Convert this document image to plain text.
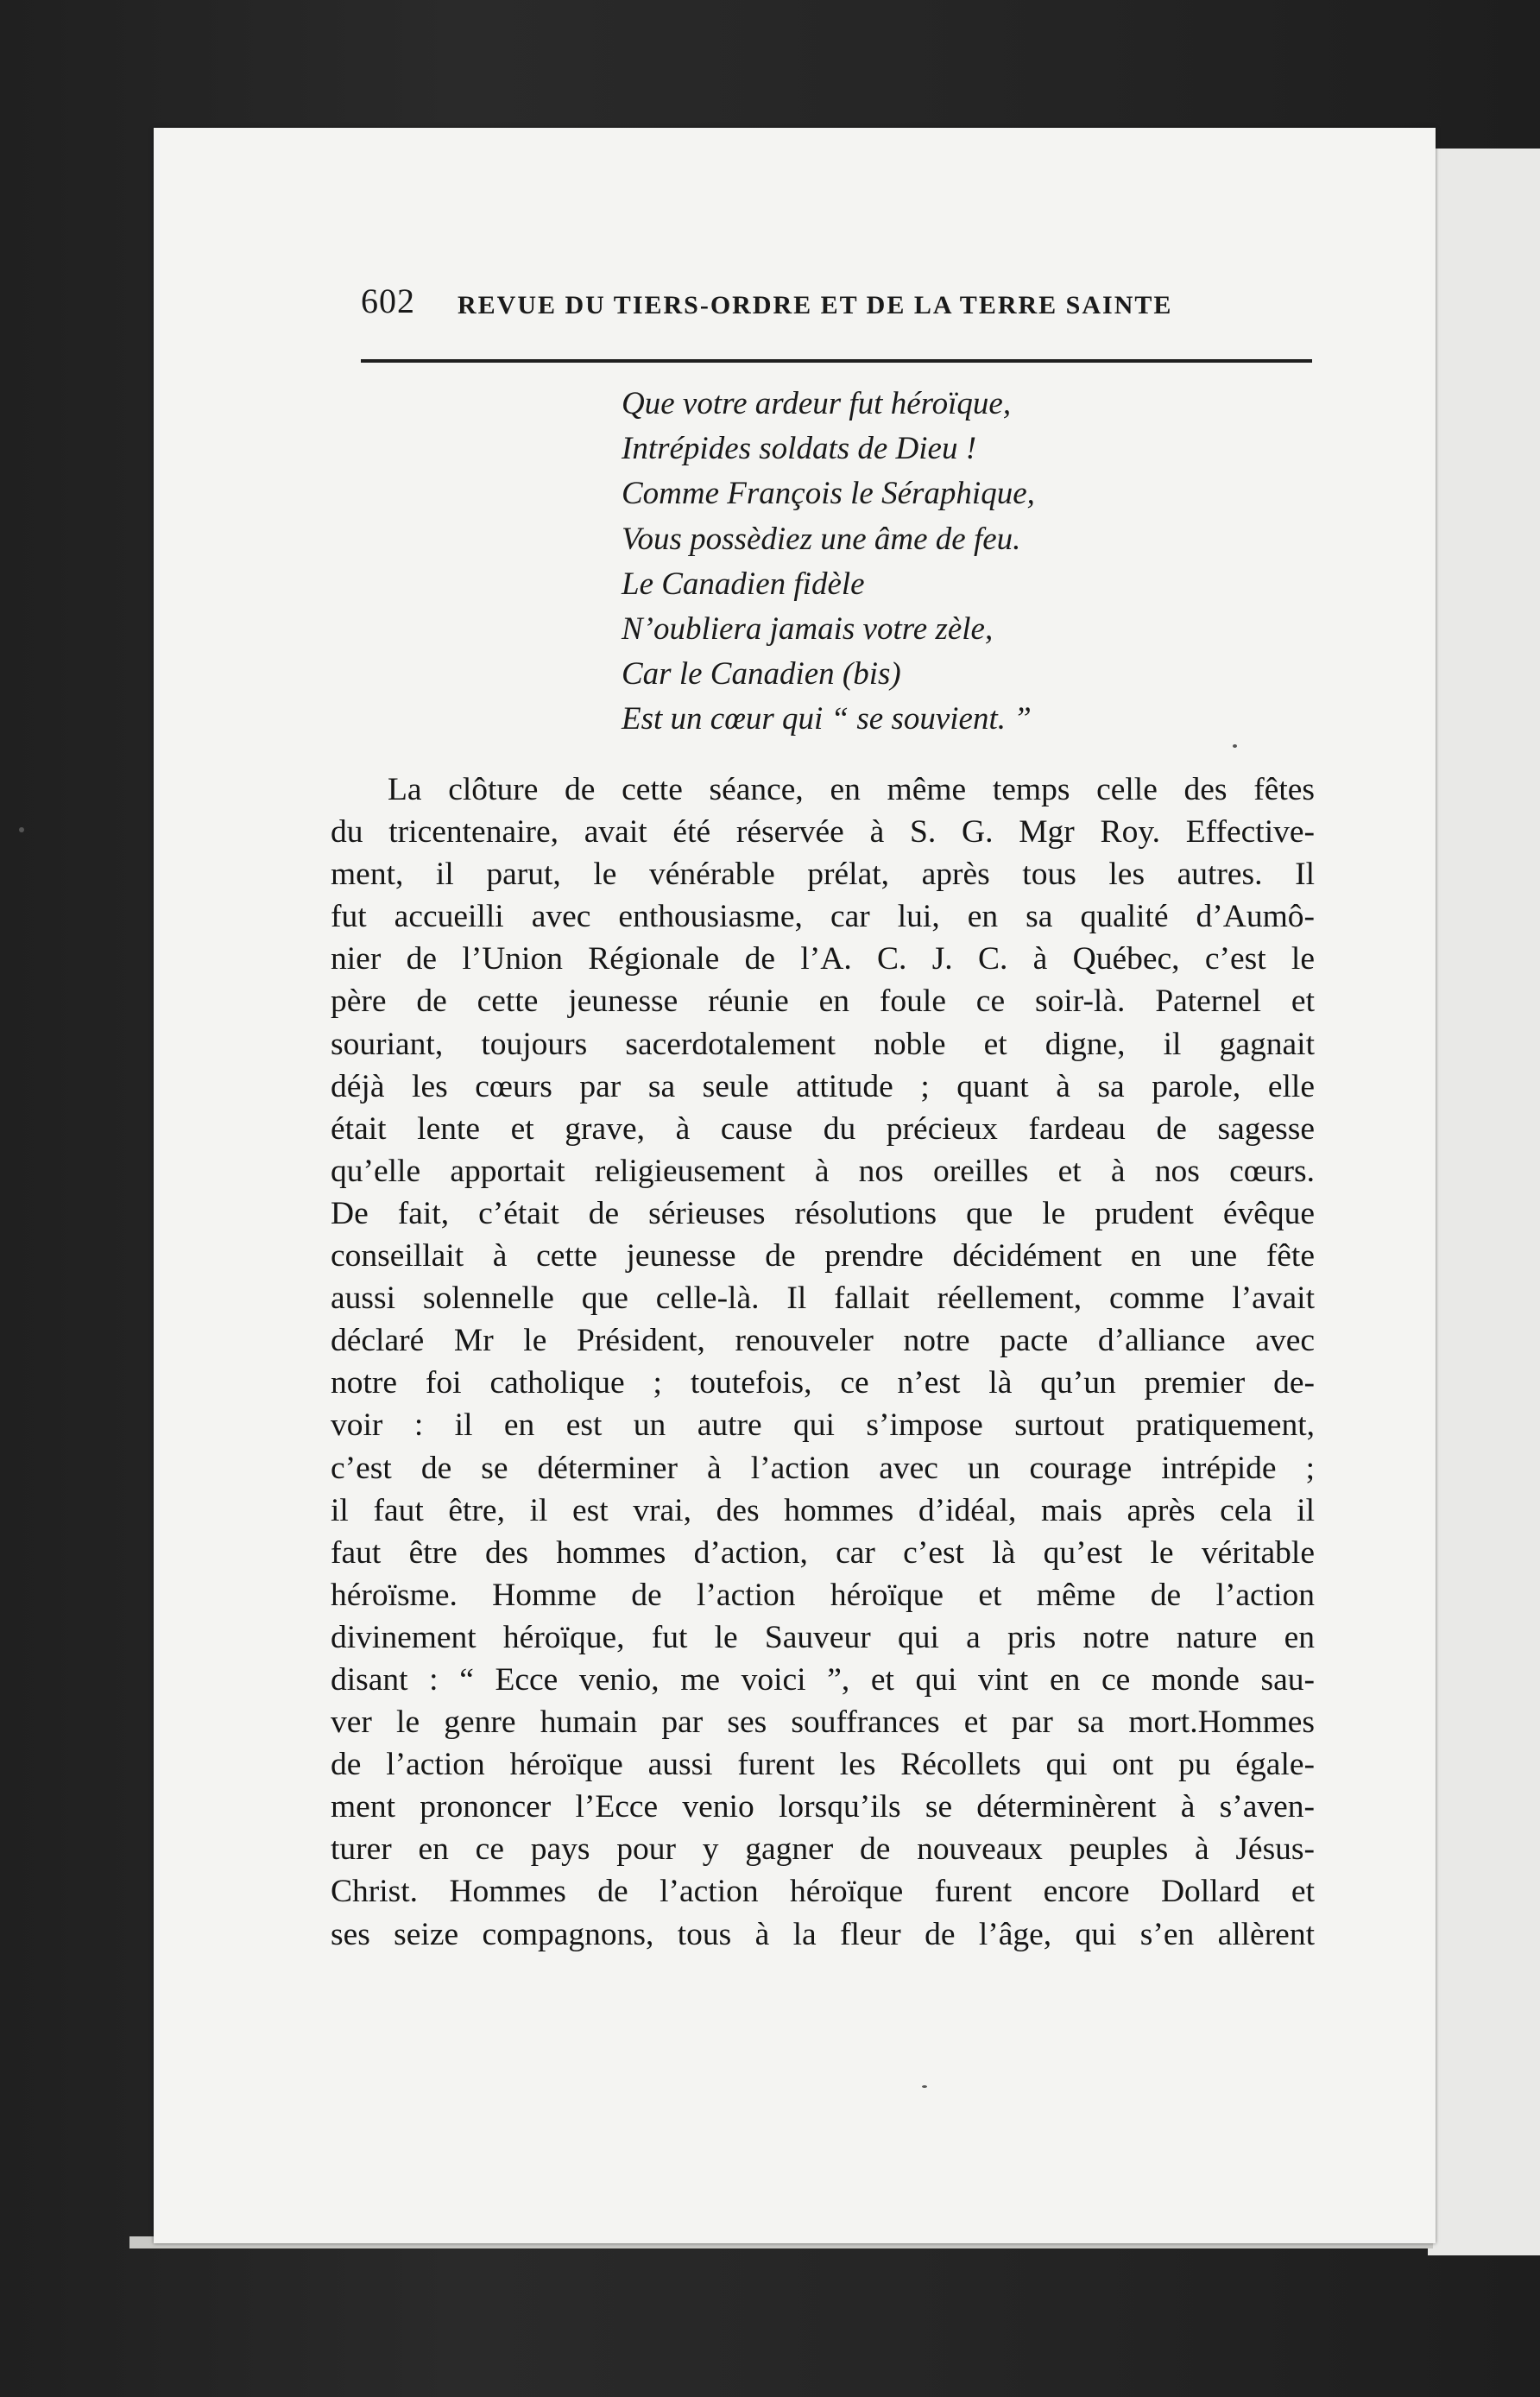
602 REVUE DU TIERS-ORDRE ET DE LA TERRE SAINTE
Que votre ardeur fut héroïque,
Intrépides soldats de Dieu !
Comme François le Séraphique,
Vous possèdiez une âme de feu.
Le Canadien fidèle
N’oubliera jamais votre zèle,
Car le Canadien (bis)
Est un cœur qui “ se souvient. ”
La clôture de cette séance, en même temps celle des fêtes
du tricentenaire, avait été réservée à S. G. Mgr Roy. Effective-
ment, il parut, le vénérable prélat, après tous les autres. Il
fut accueilli avec enthousiasme, car lui, en sa qualité d’Aumô-
nier de l’Union Régionale de l’A. C. J. C. à Québec, c’est le
père de cette jeunesse réunie en foule ce soir-là. Paternel et
souriant, toujours sacerdotalement noble et digne, il gagnait
déjà les cœurs par sa seule attitude ; quant à sa parole, elle
était lente et grave, à cause du précieux fardeau de sagesse
qu’elle apportait religieusement à nos oreilles et à nos cœurs.
De fait, c’était de sérieuses résolutions que le prudent évêque
conseillait à cette jeunesse de prendre décidément en une fête
aussi solennelle que celle-là. Il fallait réellement, comme l’avait
déclaré Mr le Président, renouveler notre pacte d’alliance avec
notre foi catholique ; toutefois, ce n’est là qu’un premier de-
voir : il en est un autre qui s’impose surtout pratiquement,
c’est de se déterminer à l’action avec un courage intrépide ;
il faut être, il est vrai, des hommes d’idéal, mais après cela il
faut être des hommes d’action, car c’est là qu’est le véritable
héroïsme. Homme de l’action héroïque et même de l’action
divinement héroïque, fut le Sauveur qui a pris notre nature en
disant : “ Ecce venio, me voici ”, et qui vint en ce monde sau-
ver le genre humain par ses souffrances et par sa mort.Hommes
de l’action héroïque aussi furent les Récollets qui ont pu égale-
ment prononcer l’Ecce venio lorsqu’ils se déterminèrent à s’aven-
turer en ce pays pour y gagner de nouveaux peuples à Jésus-
Christ. Hommes de l’action héroïque furent encore Dollard et
ses seize compagnons, tous à la fleur de l’âge, qui s’en allèrent
